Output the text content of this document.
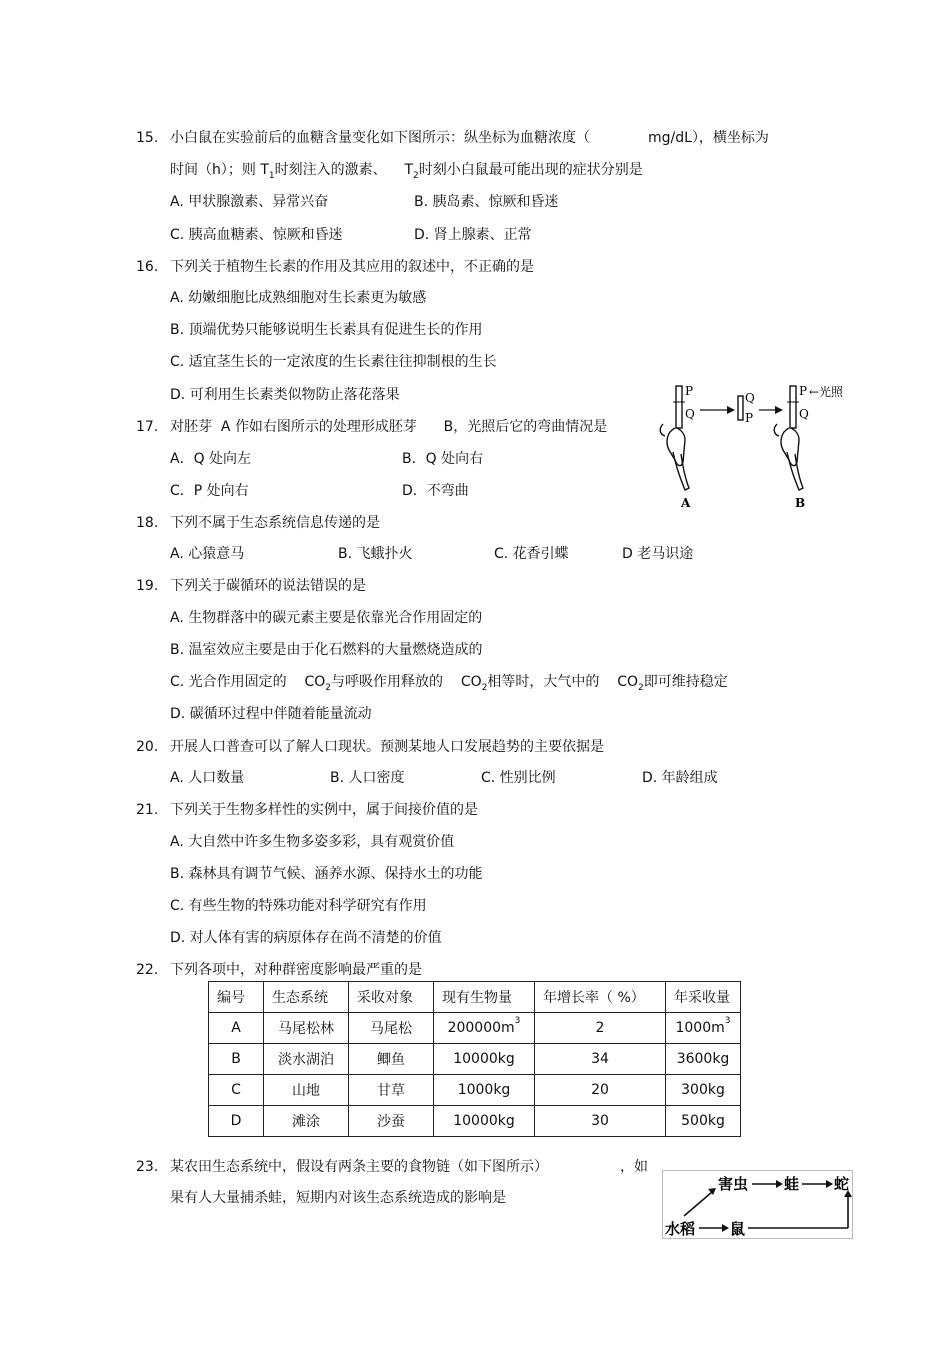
15. 小白鼠在实验前后的血糖含量变化如下图所示：纵坐标为血糖浓度（	mg/dL），横坐标为
时间（h）；则 $T_1$时刻注入的激素、 $T_2$时刻小白鼠最可能出现的症状分别是
A. 甲状腺激素、异常兴奋	B. 胰岛素、惊厥和昏迷
C. 胰高血糖素、惊厥和昏迷	D. 肾上腺素、正常
16. 下列关于植物生长素的作用及其应用的叙述中，不正确的是
A. 幼嫩细胞比成熟细胞对生长素更为敏感
B. 顶端优势只能够说明生长素具有促进生长的作用
C. 适宜茎生长的一定浓度的生长素往往抑制根的生长
D. 可利用生长素类似物防止落花落果
17. 对胚芽 A 作如右图所示的处理形成胚芽 B，光照后它的弯曲情况是
A．Q 处向左	B．Q 处向右
C．P 处向右	D．不弯曲
P
Q
A
Q
P
P
Q
←光照
B
18. 下列不属于生态系统信息传递的是
A. 心猿意马	B. 飞蛾扑火	C. 花香引蝶	D 老马识途
19. 下列关于碳循环的说法错误的是
A. 生物群落中的碳元素主要是依靠光合作用固定的
B. 温室效应主要是由于化石燃料的大量燃烧造成的
C. 光合作用固定的 $CO_2$与呼吸作用释放的 $CO_2$相等时，大气中的 $CO_2$即可维持稳定
D. 碳循环过程中伴随着能量流动
20. 开展人口普查可以了解人口现状。预测某地人口发展趋势的主要依据是
A. 人口数量	B. 人口密度	C. 性别比例	D. 年龄组成
21. 下列关于生物多样性的实例中，属于间接价值的是
A. 大自然中许多生物多姿多彩，具有观赏价值
B. 森林具有调节气候、涵养水源、保持水土的功能
C. 有些生物的特殊功能对科学研究有作用
D. 对人体有害的病原体存在尚不清楚的价值
22. 下列各项中，对种群密度影响最严重的是
编号	生态系统	采收对象	现有生物量	年增长率（ %）	年采收量
A	马尾松林	马尾松	$200000m^3$	2	$1000m^3$
B	淡水湖泊	鲫鱼	10000kg	34	3600kg
C	山地	甘草	1000kg	20	300kg
D	滩涂	沙蚕	10000kg	30	500kg
23. 某农田生态系统中，假设有两条主要的食物链（如下图所示）	，如
果有人大量捕杀蛙，短期内对该生态系统造成的影响是
害虫 蛙 蛇
水稻 鼠
